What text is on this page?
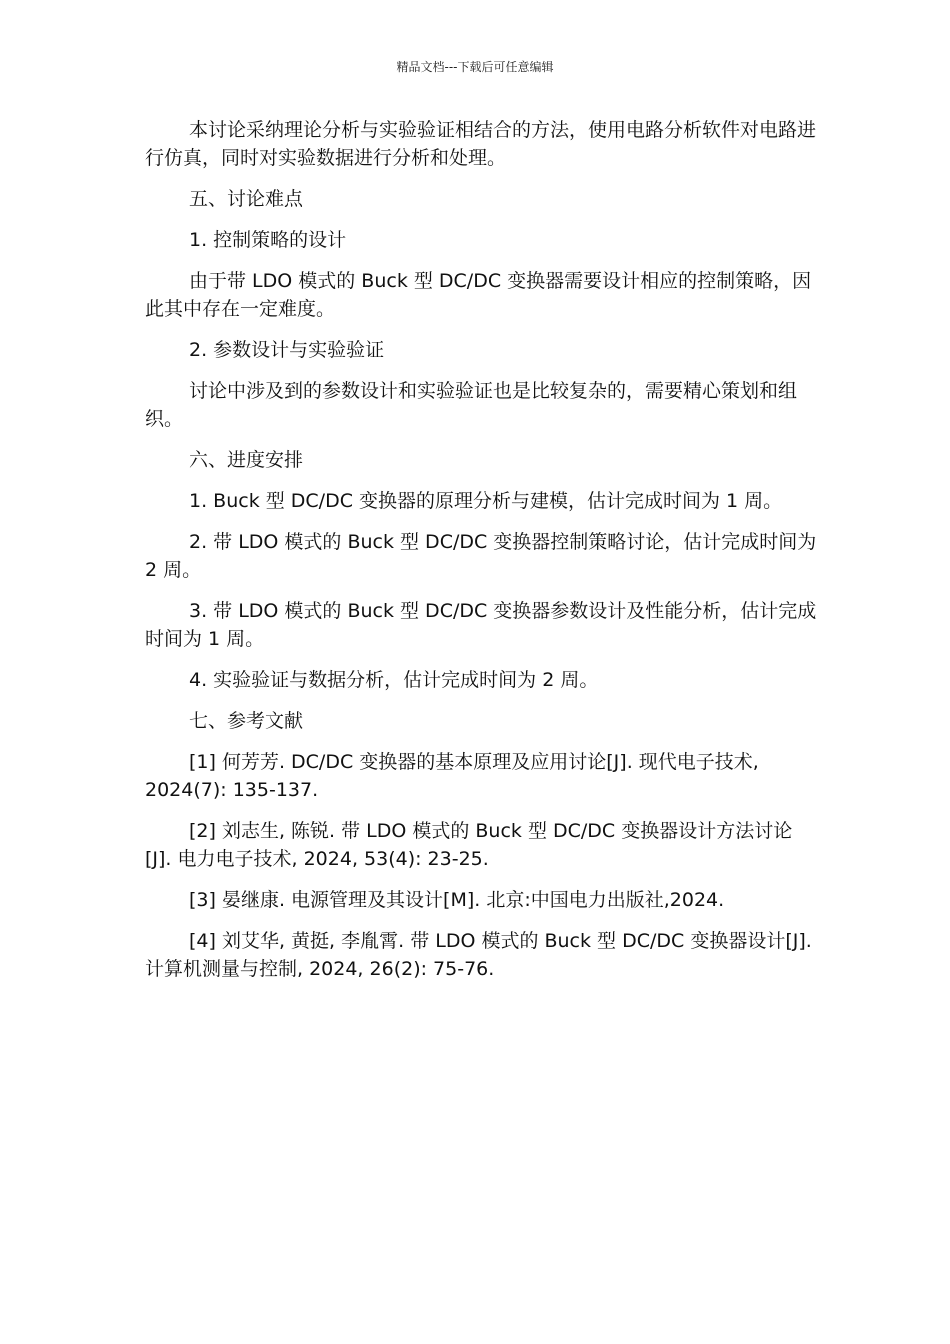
精品文档---下载后可任意编辑

本讨论采纳理论分析与实验验证相结合的方法，使用电路分析软件对电路进行仿真，同时对实验数据进行分析和处理。

五、讨论难点

1. 控制策略的设计

由于带 LDO 模式的 Buck 型 DC/DC 变换器需要设计相应的控制策略，因此其中存在一定难度。

2. 参数设计与实验验证

讨论中涉及到的参数设计和实验验证也是比较复杂的，需要精心策划和组织。

六、进度安排

1. Buck 型 DC/DC 变换器的原理分析与建模，估计完成时间为 1 周。

2. 带 LDO 模式的 Buck 型 DC/DC 变换器控制策略讨论，估计完成时间为 2 周。

3. 带 LDO 模式的 Buck 型 DC/DC 变换器参数设计及性能分析，估计完成时间为 1 周。

4. 实验验证与数据分析，估计完成时间为 2 周。

七、参考文献

[1] 何芳芳. DC/DC 变换器的基本原理及应用讨论[J]. 现代电子技术, 2024(7): 135-137.

[2] 刘志生, 陈锐. 带 LDO 模式的 Buck 型 DC/DC 变换器设计方法讨论[J]. 电力电子技术, 2024, 53(4): 23-25.

[3] 晏继康. 电源管理及其设计[M]. 北京:中国电力出版社,2024.

[4] 刘艾华, 黄挺, 李胤霄. 带 LDO 模式的 Buck 型 DC/DC 变换器设计[J]. 计算机测量与控制, 2024, 26(2): 75-76.
